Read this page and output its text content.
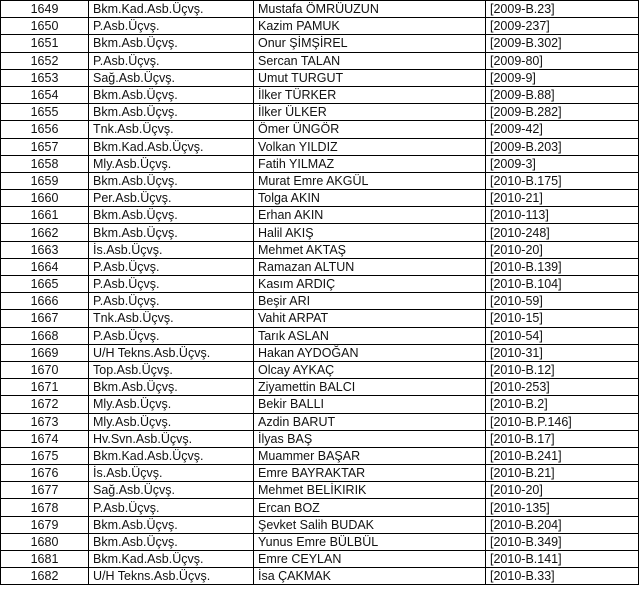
1649	Bkm.Kad.Asb.Üçvş.	Mustafa ÖMRÜUZUN	[2009-B.23]
1650	P.Asb.Üçvş.	Kazim PAMUK	[2009-237]
1651	Bkm.Asb.Üçvş.	Onur ŞİMŞİREL	[2009-B.302]
1652	P.Asb.Üçvş.	Sercan TALAN	[2009-80]
1653	Sağ.Asb.Üçvş.	Umut TURGUT	[2009-9]
1654	Bkm.Asb.Üçvş.	İlker TÜRKER	[2009-B.88]
1655	Bkm.Asb.Üçvş.	İlker ÜLKER	[2009-B.282]
1656	Tnk.Asb.Üçvş.	Ömer ÜNGÖR	[2009-42]
1657	Bkm.Kad.Asb.Üçvş.	Volkan YILDIZ	[2009-B.203]
1658	Mly.Asb.Üçvş.	Fatih YILMAZ	[2009-3]
1659	Bkm.Asb.Üçvş.	Murat Emre AKGÜL	[2010-B.175]
1660	Per.Asb.Üçvş.	Tolga AKIN	[2010-21]
1661	Bkm.Asb.Üçvş.	Erhan AKIN	[2010-113]
1662	Bkm.Asb.Üçvş.	Halil AKIŞ	[2010-248]
1663	İs.Asb.Üçvş.	Mehmet AKTAŞ	[2010-20]
1664	P.Asb.Üçvş.	Ramazan ALTUN	[2010-B.139]
1665	P.Asb.Üçvş.	Kasım ARDIÇ	[2010-B.104]
1666	P.Asb.Üçvş.	Beşir ARI	[2010-59]
1667	Tnk.Asb.Üçvş.	Vahit ARPAT	[2010-15]
1668	P.Asb.Üçvş.	Tarık ASLAN	[2010-54]
1669	U/H Tekns.Asb.Üçvş.	Hakan AYDOĞAN	[2010-31]
1670	Top.Asb.Üçvş.	Olcay AYKAÇ	[2010-B.12]
1671	Bkm.Asb.Üçvş.	Ziyamettin BALCI	[2010-253]
1672	Mly.Asb.Üçvş.	Bekir BALLI	[2010-B.2]
1673	Mly.Asb.Üçvş.	Azdin BARUT	[2010-B.P.146]
1674	Hv.Svn.Asb.Üçvş.	İlyas BAŞ	[2010-B.17]
1675	Bkm.Kad.Asb.Üçvş.	Muammer BAŞAR	[2010-B.241]
1676	İs.Asb.Üçvş.	Emre BAYRAKTAR	[2010-B.21]
1677	Sağ.Asb.Üçvş.	Mehmet BELİKIRIK	[2010-20]
1678	P.Asb.Üçvş.	Ercan BOZ	[2010-135]
1679	Bkm.Asb.Üçvş.	Şevket Salih BUDAK	[2010-B.204]
1680	Bkm.Asb.Üçvş.	Yunus Emre BÜLBÜL	[2010-B.349]
1681	Bkm.Kad.Asb.Üçvş.	Emre CEYLAN	[2010-B.141]
1682	U/H Tekns.Asb.Üçvş.	İsa ÇAKMAK	[2010-B.33]
